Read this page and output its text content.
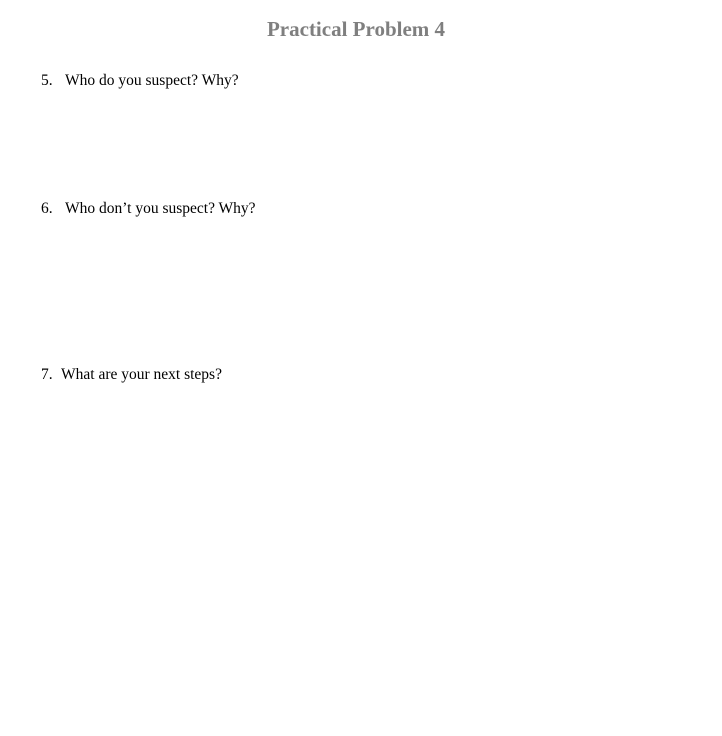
Practical Problem 4
5. Who do you suspect? Why?
6. Who don’t you suspect? Why?
7. What are your next steps?
